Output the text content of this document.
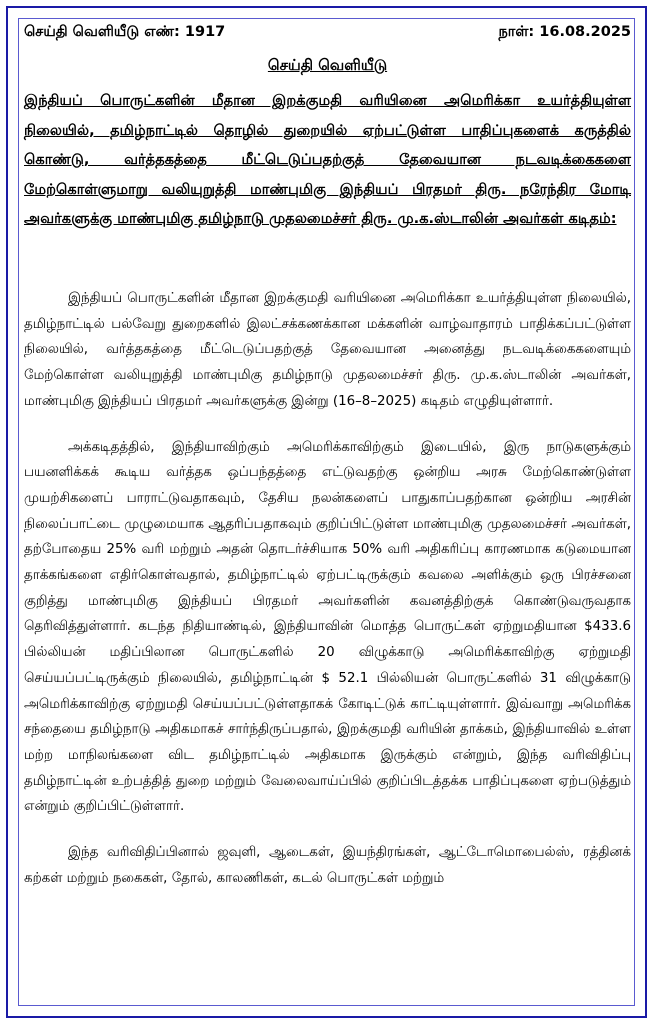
செய்தி வெளியீடு எண்: 1917	நாள்: 16.08.2025
செய்தி வெளியீடு
இந்தியப் பொருட்களின் மீதான இறக்குமதி வரியினை அமெரிக்கா உயர்த்தியுள்ள நிலையில், தமிழ்நாட்டில் தொழில் துறையில் ஏற்பட்டுள்ள பாதிப்புகளைக் கருத்தில் கொண்டு, வர்த்தகத்தை மீட்டெடுப்பதற்குத் தேவையான நடவடிக்கைகளை மேற்கொள்ளுமாறு வலியுறுத்தி மாண்புமிகு இந்தியப் பிரதமர் திரு. நரேந்திர மோடி அவர்களுக்கு மாண்புமிகு தமிழ்நாடு முதலமைச்சர் திரு. மு.க.ஸ்டாலின் அவர்கள் கடிதம்:

இந்தியப் பொருட்களின் மீதான இறக்குமதி வரியினை அமெரிக்கா உயர்த்தியுள்ள நிலையில், தமிழ்நாட்டில் பல்வேறு துறைகளில் இலட்சக்கணக்கான மக்களின் வாழ்வாதாரம் பாதிக்கப்பட்டுள்ள நிலையில், வர்த்தகத்தை மீட்டெடுப்பதற்குத் தேவையான அனைத்து நடவடிக்கைகளையும் மேற்கொள்ள வலியுறுத்தி மாண்புமிகு தமிழ்நாடு முதலமைச்சர் திரு. மு.க.ஸ்டாலின் அவர்கள், மாண்புமிகு இந்தியப் பிரதமர் அவர்களுக்கு இன்று (16–8–2025) கடிதம் எழுதியுள்ளார்.

அக்கடிதத்தில், இந்தியாவிற்கும் அமெரிக்காவிற்கும் இடையில், இரு நாடுகளுக்கும் பயனளிக்கக் கூடிய வர்த்தக ஒப்பந்தத்தை எட்டுவதற்கு ஒன்றிய அரசு மேற்கொண்டுள்ள முயற்சிகளைப் பாராட்டுவதாகவும், தேசிய நலன்களைப் பாதுகாப்பதற்கான ஒன்றிய அரசின் நிலைப்பாட்டை முழுமையாக ஆதரிப்பதாகவும் குறிப்பிட்டுள்ள மாண்புமிகு முதலமைச்சர் அவர்கள், தற்போதைய 25% வரி மற்றும் அதன் தொடர்ச்சியாக 50% வரி அதிகரிப்பு காரணமாக கடுமையான தாக்கங்களை எதிர்கொள்வதால், தமிழ்நாட்டில் ஏற்பட்டிருக்கும் கவலை அளிக்கும் ஒரு பிரச்சனை குறித்து மாண்புமிகு இந்தியப் பிரதமர் அவர்களின் கவனத்திற்குக் கொண்டுவருவதாக தெரிவித்துள்ளார். கடந்த நிதியாண்டில், இந்தியாவின் மொத்த பொருட்கள் ஏற்றுமதியான $433.6 பில்லியன் மதிப்பிலான பொருட்களில் 20 விழுக்காடு அமெரிக்காவிற்கு ஏற்றுமதி செய்யப்பட்டிருக்கும் நிலையில், தமிழ்நாட்டின் $ 52.1 பில்லியன் பொருட்களில் 31 விழுக்காடு அமெரிக்காவிற்கு ஏற்றுமதி செய்யப்பட்டுள்ளதாகக் கோடிட்டுக் காட்டியுள்ளார். இவ்வாறு அமெரிக்க சந்தையை தமிழ்நாடு அதிகமாகச் சார்ந்திருப்பதால், இறக்குமதி வரியின் தாக்கம், இந்தியாவில் உள்ள மற்ற மாநிலங்களை விட தமிழ்நாட்டில் அதிகமாக இருக்கும் என்றும், இந்த வரிவிதிப்பு தமிழ்நாட்டின் உற்பத்தித் துறை மற்றும் வேலைவாய்ப்பில் குறிப்பிடத்தக்க பாதிப்புகளை ஏற்படுத்தும் என்றும் குறிப்பிட்டுள்ளார்.

இந்த வரிவிதிப்பினால் ஜவுளி, ஆடைகள், இயந்திரங்கள், ஆட்டோமொபைல்ஸ், ரத்தினக் கற்கள் மற்றும் நகைகள், தோல், காலணிகள், கடல் பொருட்கள் மற்றும்
